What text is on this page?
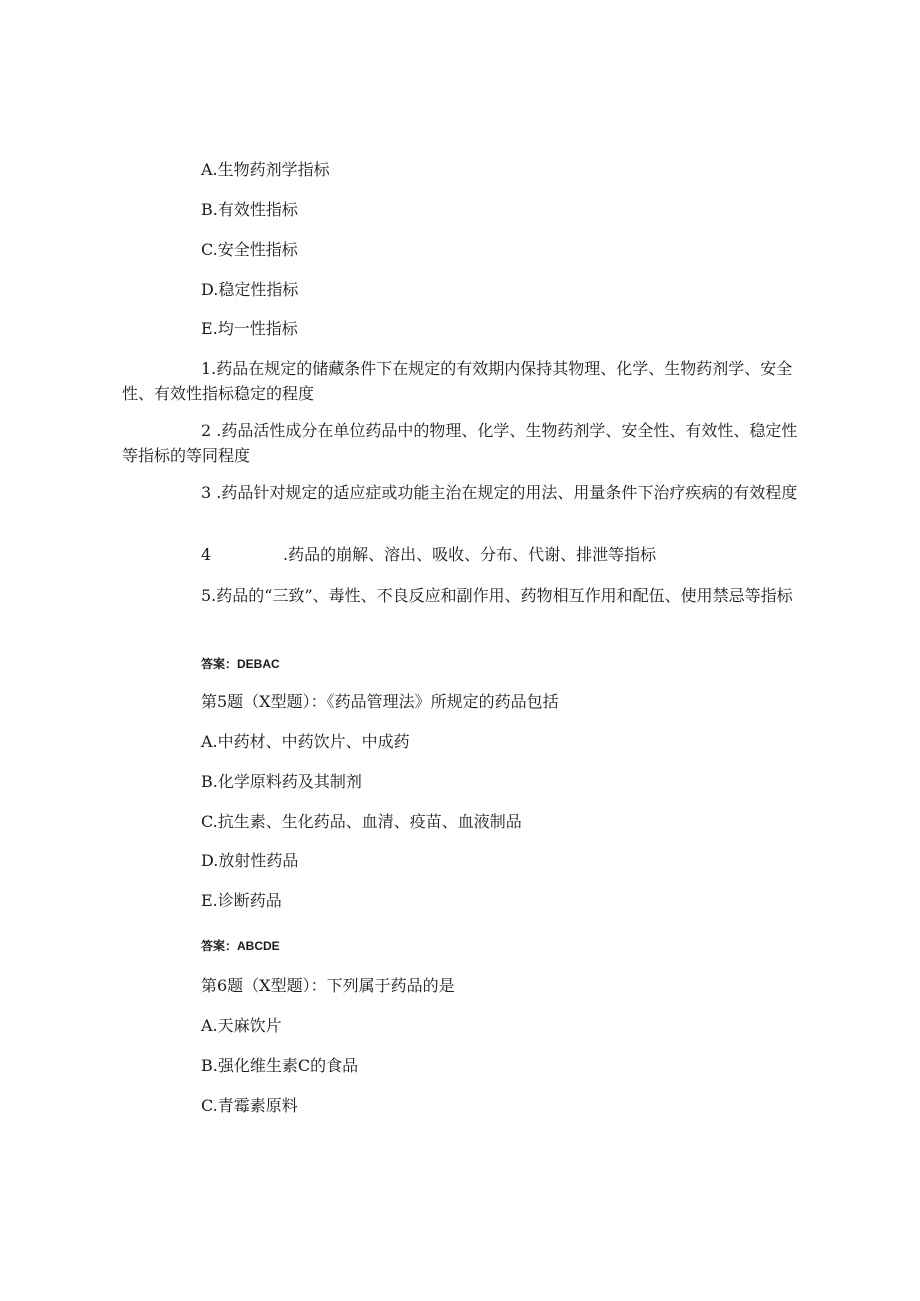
A.生物药剂学指标

B.有效性指标

C.安全性指标

D.稳定性指标

E.均一性指标

1.药品在规定的储藏条件下在规定的有效期内保持其物理、化学、生物药剂学、安全性、有效性指标稳定的程度

2 .药品活性成分在单位药品中的物理、化学、生物药剂学、安全性、有效性、稳定性等指标的等同程度

3 .药品针对规定的适应症或功能主治在规定的用法、用量条件下治疗疾病的有效程度

4	.药品的崩解、溶出、吸收、分布、代谢、排泄等指标

5.药品的“三致”、毒性、不良反应和副作用、药物相互作用和配伍、使用禁忌等指标

答案：DEBAC

第5题（X型题）：《药品管理法》所规定的药品包括

A.中药材、中药饮片、中成药

B.化学原料药及其制剂

C.抗生素、生化药品、血清、疫苗、血液制品

D.放射性药品

E.诊断药品

答案：ABCDE

第6题（X型题）：下列属于药品的是

A.天麻饮片

B.强化维生素C的食品

C.青霉素原料
